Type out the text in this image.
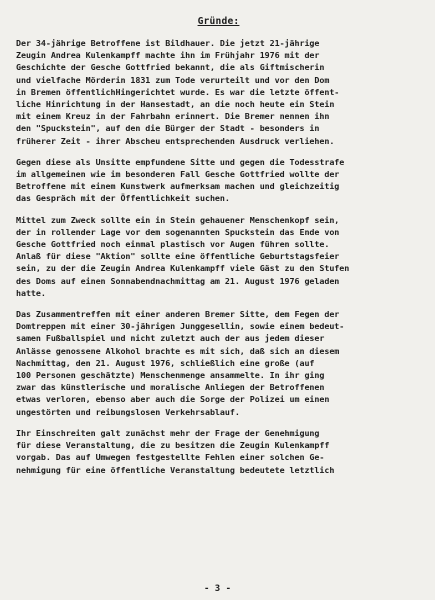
Gründe:
Der 34-jährige Betroffene ist Bildhauer. Die jetzt 21-jährige
Zeugin Andrea Kulenkampff machte ihn im Frühjahr 1976 mit der
Geschichte der Gesche Gottfried bekannt, die als Giftmischerin
und vielfache Mörderin 1831 zum Tode verurteilt und vor den Dom
in Bremen öffentlichHingerichtet wurde. Es war die letzte öffent-
liche Hinrichtung in der Hansestadt, an die noch heute ein Stein
mit einem Kreuz in der Fahrbahn erinnert. Die Bremer nennen ihn
den "Spuckstein", auf den die Bürger der Stadt - besonders in
früherer Zeit - ihrer Abscheu entsprechenden Ausdruck verliehen.
Gegen diese als Unsitte empfundene Sitte und gegen die Todesstrafe
im allgemeinen wie im besonderen Fall Gesche Gottfried wollte der
Betroffene mit einem Kunstwerk aufmerksam machen und gleichzeitig
das Gespräch mit der Öffentlichkeit suchen.
Mittel zum Zweck sollte ein in Stein gehauener Menschenkopf sein,
der in rollender Lage vor dem sogenannten Spuckstein das Ende von
Gesche Gottfried noch einmal plastisch vor Augen führen sollte.
Anlaß für diese "Aktion" sollte eine öffentliche Geburtstagsfeier
sein, zu der die Zeugin Andrea Kulenkampff viele Gäst zu den Stufen
des Doms auf einen Sonnabendnachmittag am 21. August 1976 geladen
hatte.
Das Zusammentreffen mit einer anderen Bremer Sitte, dem Fegen der
Domtreppen mit einer 30-jährigen Junggesellin, sowie einem bedeut-
samen Fußballspiel und nicht zuletzt auch der aus jedem dieser
Anlässe genossene Alkohol brachte es mit sich, daß sich an diesem
Nachmittag, den 21. August 1976, schließlich eine große (auf
100 Personen geschätzte) Menschenmenge ansammelte. In ihr ging
zwar das künstlerische und moralische Anliegen der Betroffenen
etwas verloren, ebenso aber auch die Sorge der Polizei um einen
ungestörten und reibungslosen Verkehrsablauf.
Ihr Einschreiten galt zunächst mehr der Frage der Genehmigung
für diese Veranstaltung, die zu besitzen die Zeugin Kulenkampff
vorgab. Das auf Umwegen festgestellte Fehlen einer solchen Ge-
nehmigung für eine öffentliche Veranstaltung bedeutete letztlich
- 3 -
